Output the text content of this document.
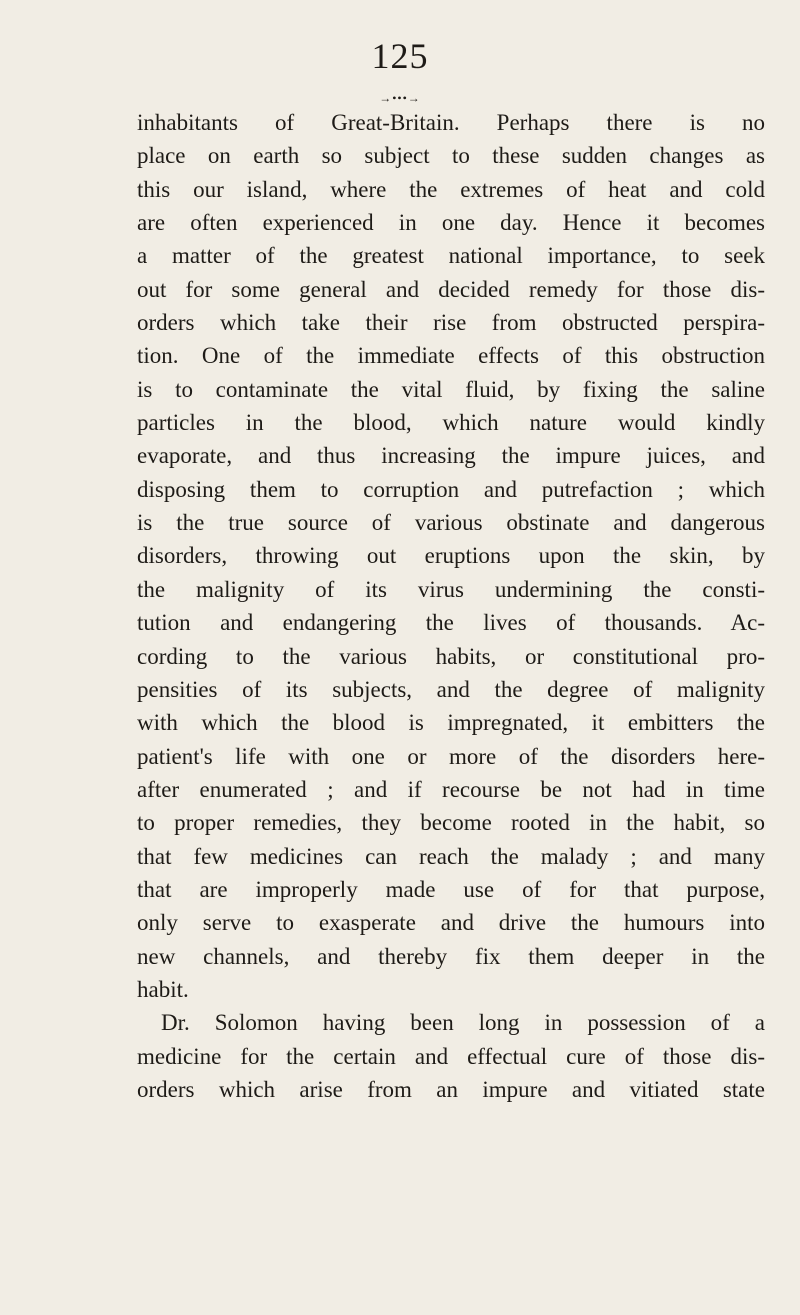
125
→•••→
inhabitants of Great-Britain. Perhaps there is no
place on earth so subject to these sudden changes as
this our island, where the extremes of heat and cold
are often experienced in one day. Hence it becomes
a matter of the greatest national importance, to seek
out for some general and decided remedy for those dis-
orders which take their rise from obstructed perspira-
tion. One of the immediate effects of this obstruction
is to contaminate the vital fluid, by fixing the saline
particles in the blood, which nature would kindly
evaporate, and thus increasing the impure juices, and
disposing them to corruption and putrefaction ; which
is the true source of various obstinate and dangerous
disorders, throwing out eruptions upon the skin, by
the malignity of its virus undermining the consti-
tution and endangering the lives of thousands. Ac-
cording to the various habits, or constitutional pro-
pensities of its subjects, and the degree of malignity
with which the blood is impregnated, it embitters the
patient's life with one or more of the disorders here-
after enumerated ; and if recourse be not had in time
to proper remedies, they become rooted in the habit, so
that few medicines can reach the malady ; and many
that are improperly made use of for that purpose,
only serve to exasperate and drive the humours into
new channels, and thereby fix them deeper in the
habit.
Dr. Solomon having been long in possession of a
medicine for the certain and effectual cure of those dis-
orders which arise from an impure and vitiated state
